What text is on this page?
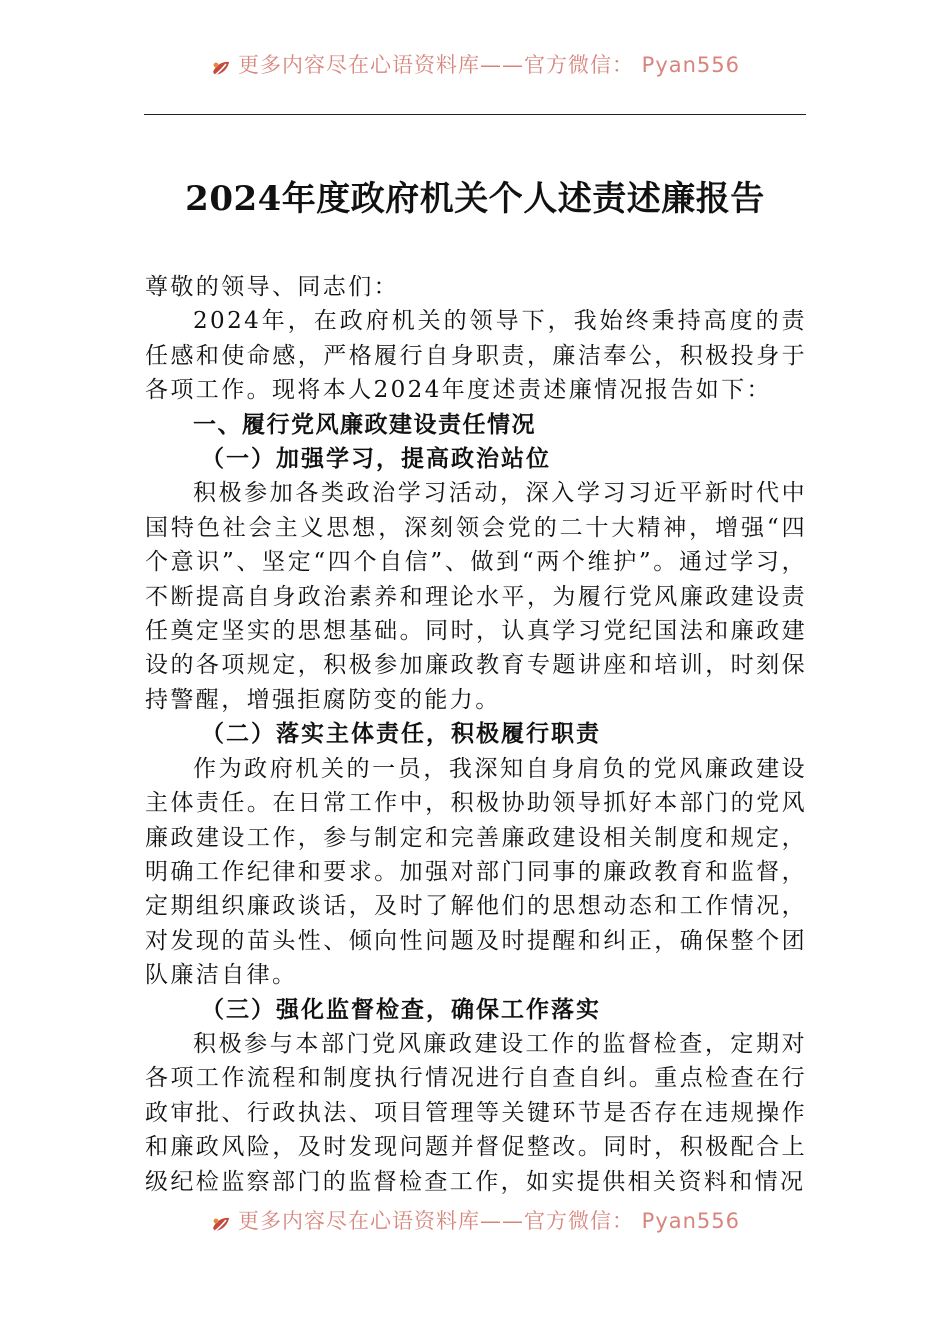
更多内容尽在心语资料库——官方微信： Pyan556
2024年度政府机关个人述责述廉报告

尊敬的领导、同志们：

2024年，在政府机关的领导下，我始终秉持高度的责任感和使命感，严格履行自身职责，廉洁奉公，积极投身于各项工作。现将本人2024年度述责述廉情况报告如下：

一、履行党风廉政建设责任情况

（一）加强学习，提高政治站位

积极参加各类政治学习活动，深入学习习近平新时代中国特色社会主义思想，深刻领会党的二十大精神，增强“四个意识”、坚定“四个自信”、做到“两个维护”。通过学习，不断提高自身政治素养和理论水平，为履行党风廉政建设责任奠定坚实的思想基础。同时，认真学习党纪国法和廉政建设的各项规定，积极参加廉政教育专题讲座和培训，时刻保持警醒，增强拒腐防变的能力。

（二）落实主体责任，积极履行职责

作为政府机关的一员，我深知自身肩负的党风廉政建设主体责任。在日常工作中，积极协助领导抓好本部门的党风廉政建设工作，参与制定和完善廉政建设相关制度和规定，明确工作纪律和要求。加强对部门同事的廉政教育和监督，定期组织廉政谈话，及时了解他们的思想动态和工作情况，对发现的苗头性、倾向性问题及时提醒和纠正，确保整个团队廉洁自律。

（三）强化监督检查，确保工作落实

积极参与本部门党风廉政建设工作的监督检查，定期对各项工作流程和制度执行情况进行自查自纠。重点检查在行政审批、行政执法、项目管理等关键环节是否存在违规操作和廉政风险，及时发现问题并督促整改。同时，积极配合上级纪检监察部门的监督检查工作，如实提供相关资料和情况

更多内容尽在心语资料库——官方微信： Pyan556
